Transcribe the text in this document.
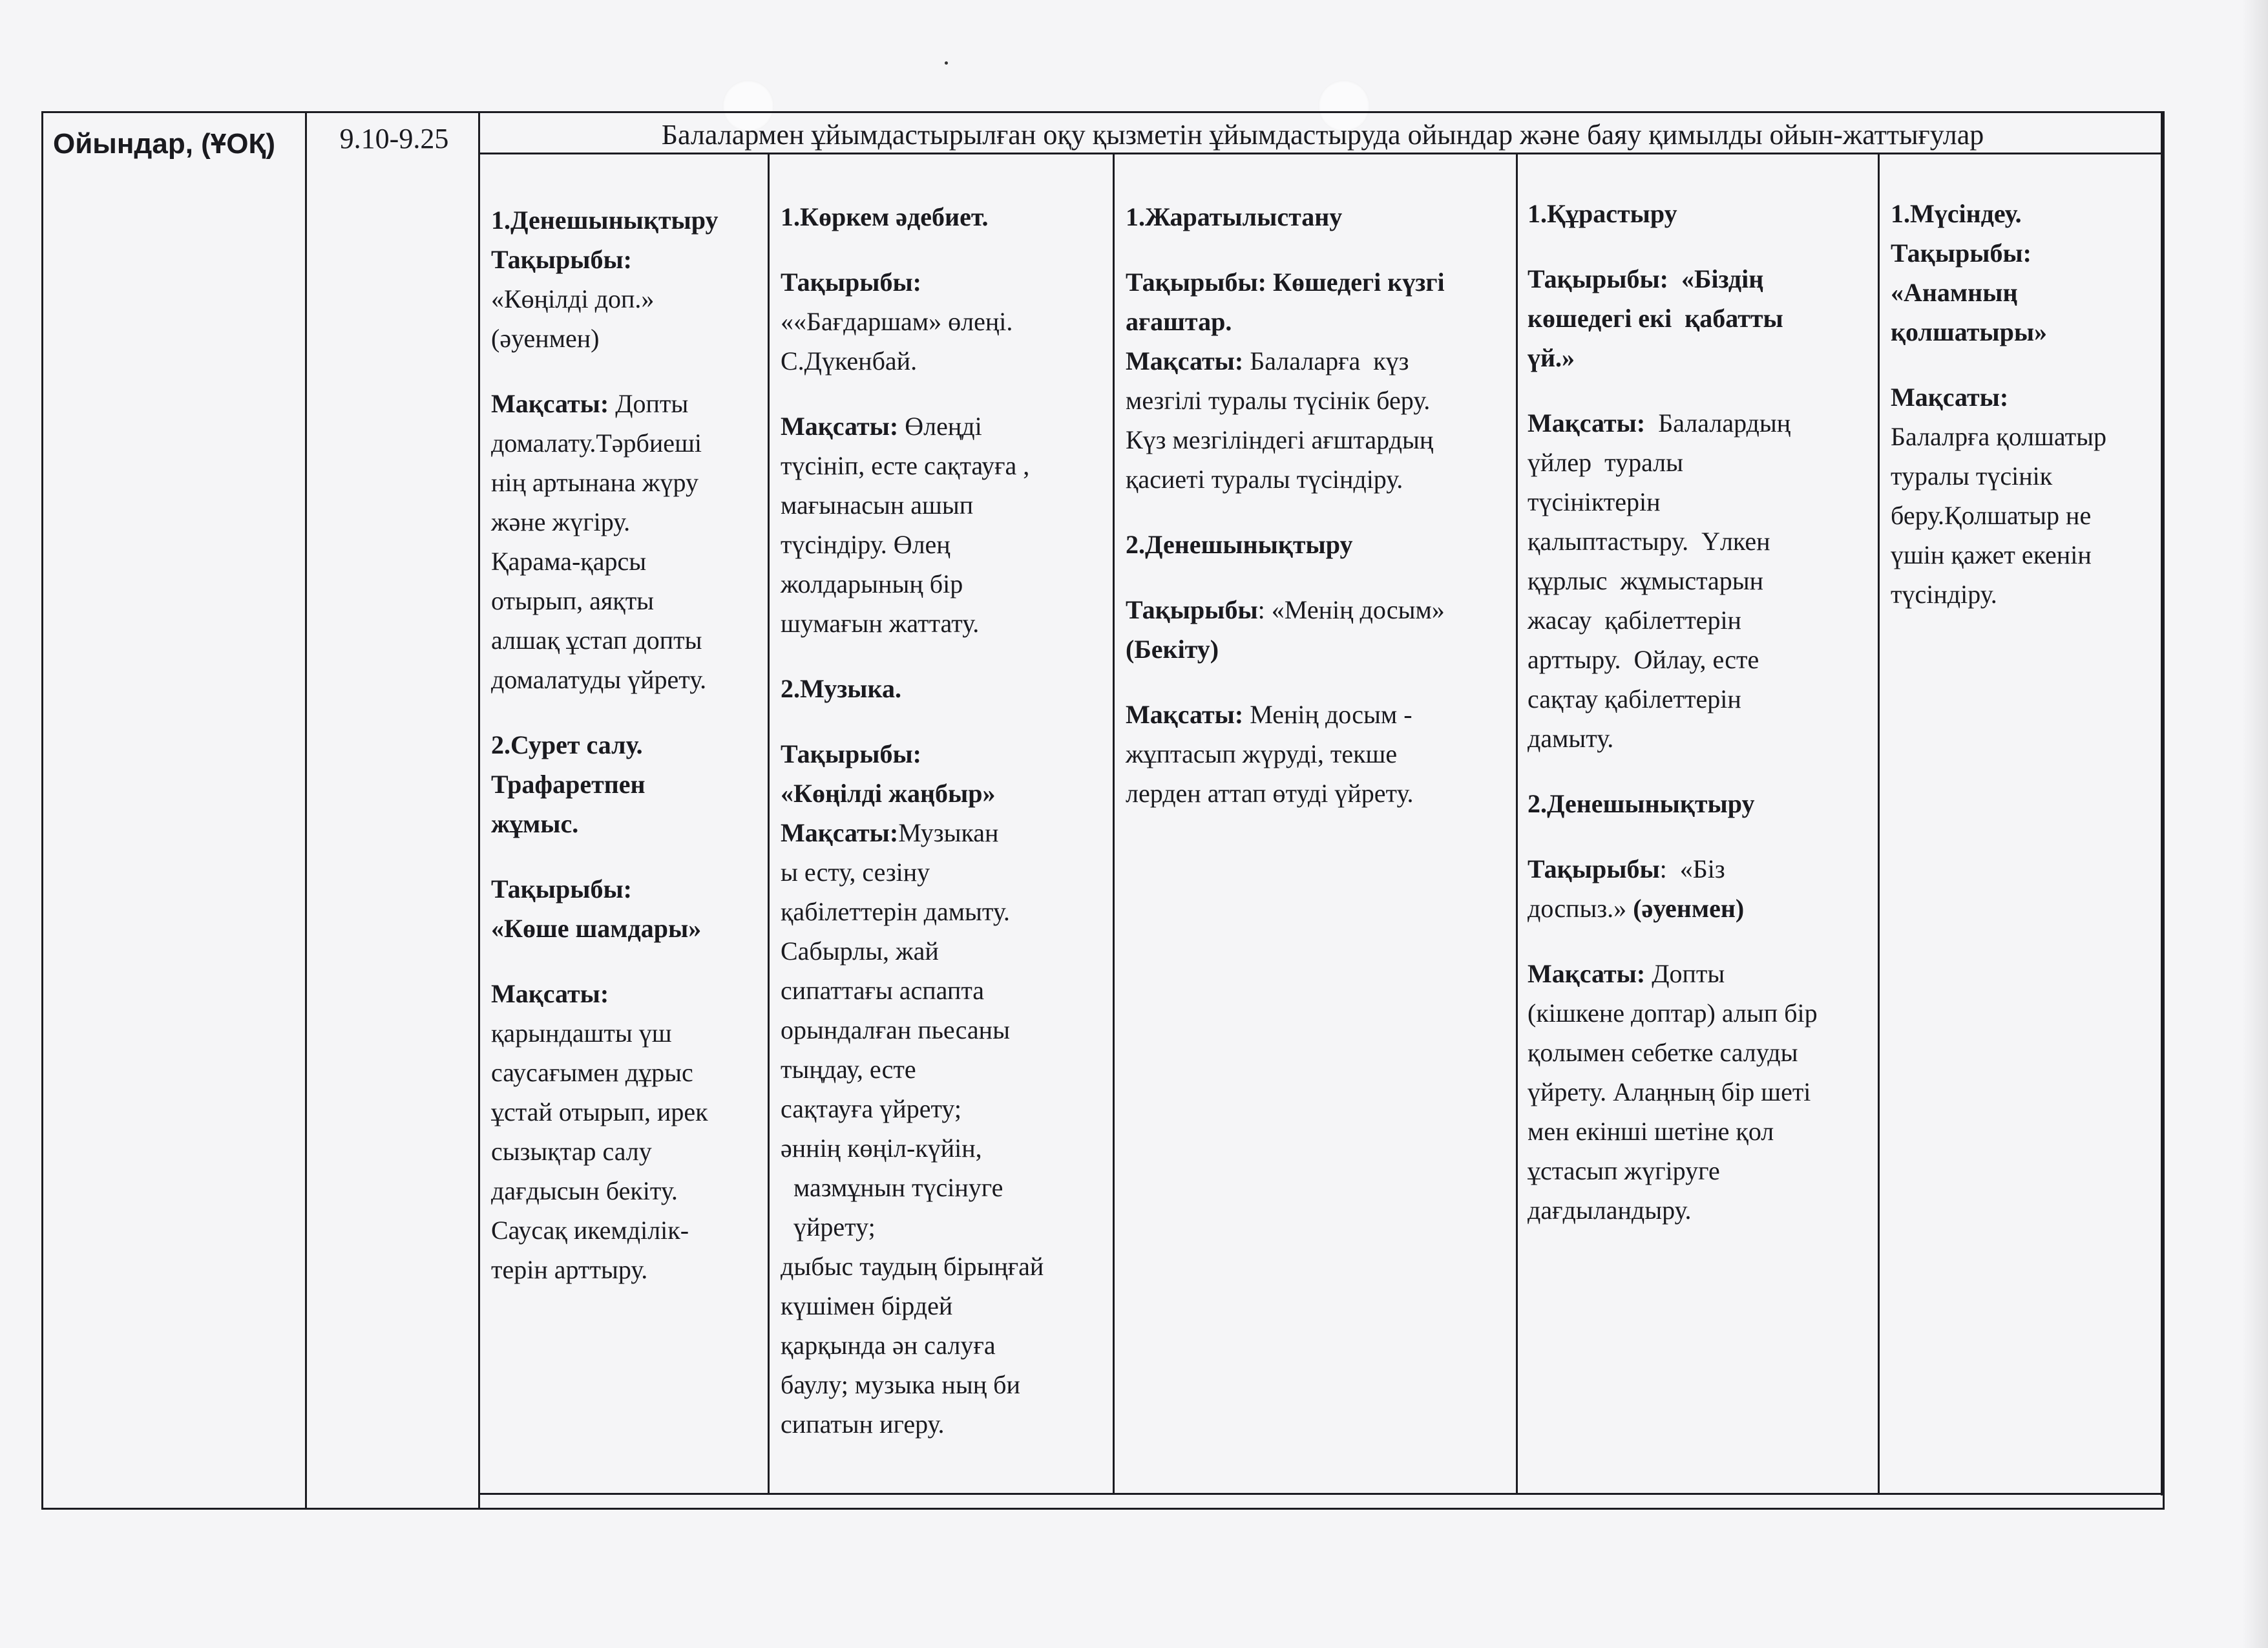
Ойындар, (ҰОҚ)	9.10-9.25	Балалармен ұйымдастырылған оқу қызметін ұйымдастыруда ойындар және баяу қимылды ойын-жаттығулар

1.Денешынықтыру

Тақырыбы:

«Көңілді доп.»

(әуенмен)

Мақсаты: Допты

домалату.Тәрбиеші

нің артынана жүру

және жүгіру.

Қарама-қарсы

отырып, аяқты

алшақ ұстап допты

домалатуды үйрету.

2.Сурет салу.

Трафаретпен

жұмыс.

Тақырыбы:

«Көше шамдары»

Мақсаты:

қарындашты үш

саусағымен дұрыс

ұстай отырып, ирек

сызықтар салу

дағдысын бекіту.

Саусақ икемділік-

терін арттыру.

1.Көркем әдебиет.

Тақырыбы:

««Бағдаршам» өлеңі.

С.Дүкенбай.

Мақсаты: Өлеңді

түсініп, есте сақтауға ,

мағынасын ашып

түсіндіру. Өлең

жолдарының бір

шумағын жаттату.

2.Музыка.

Тақырыбы:

«Көңілді жаңбыр»

Мақсаты:Музыкан

ы есту, сезіну

қабілеттерін дамыту.

Сабырлы, жай

сипаттағы аспапта

орындалған пьесаны

тыңдау, есте

сақтауға үйрету;

әннің көңіл-күйін,

мазмұнын түсінуге

үйрету;

дыбыс таудың бірыңғай

күшімен бірдей

қарқында ән салуға

баулу; музыка ның би

сипатын игеру.

1.Жаратылыстану

Тақырыбы: Көшедегі күзгі

ағаштар.

Мақсаты: Балаларға  күз

мезгілі туралы түсінік беру.

Күз мезгіліндегі ағштардың

қасиеті туралы түсіндіру.

2.Денешынықтыру

Тақырыбы: «Менің досым»

(Бекіту)

Мақсаты: Менің досым -

жұптасып жүруді, текше

лерден аттап өтуді үйрету.

1.Құрастыру

Тақырыбы:  «Біздің

көшедегі екі  қабатты

үй.»

Мақсаты:  Балалардың

үйлер  туралы

түсініктерін

қалыптастыру.  Үлкен

құрлыс  жұмыстарын

жасау  қабілеттерін

арттыру.  Ойлау, есте

сақтау қабілеттерін

дамыту.

2.Денешынықтыру

Тақырыбы:  «Біз

доспыз.» (әуенмен)

Мақсаты: Допты

(кішкене доптар) алып бір

қолымен себетке салуды

үйрету. Алаңның бір шеті

мен екінші шетіне қол

ұстасып жүгіруге

дағдыландыру.

1.Мүсіндеу.

Тақырыбы:

«Анамның

қолшатыры»

Мақсаты:

Балалрға қолшатыр

туралы түсінік

беру.Қолшатыр не

үшін қажет екенін

түсіндіру.
